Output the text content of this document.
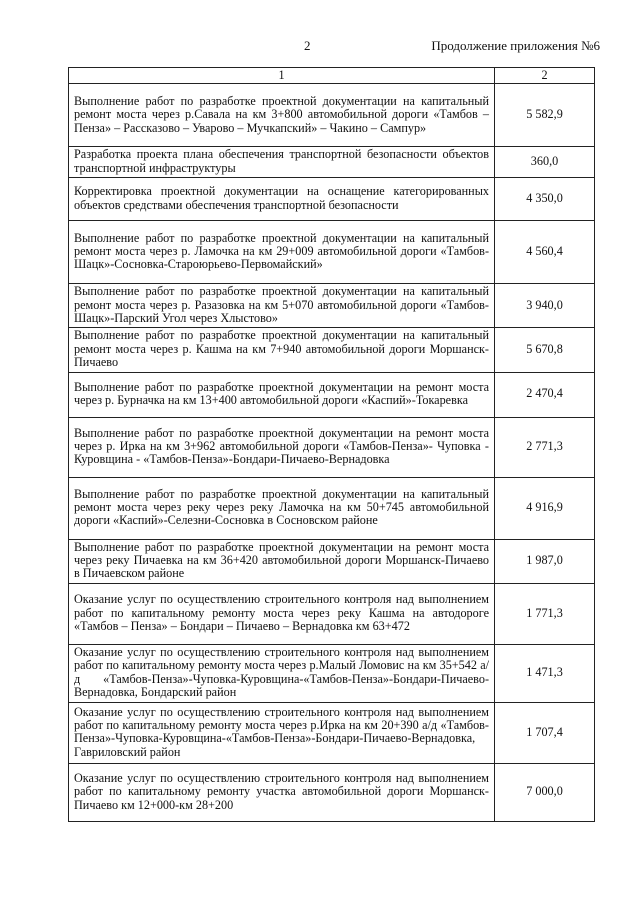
2	Продолжение приложения №6
1	2
Выполнение работ по разработке проектной документации на капитальный ремонт моста через р.Савала на км 3+800 автомобильной дороги «Тамбов – Пенза» – Рассказово – Уварово – Мучкапский» – Чакино – Сампур»	5 582,9
Разработка проекта плана обеспечения транспортной безопасности объектов транспортной инфраструктуры	360,0
Корректировка проектной документации на оснащение категорированных объектов средствами обеспечения транспортной безопасности	4 350,0
Выполнение работ по разработке проектной документации на капитальный ремонт моста через р. Ламочка на км 29+009 автомобильной дороги «Тамбов-Шацк»-Сосновка-Староюрьево-Первомайский»	4 560,4
Выполнение работ по разработке проектной документации на капитальный ремонт моста через р. Разазовка на км 5+070 автомобильной дороги «Тамбов-Шацк»-Парский Угол через Хлыстово»	3 940,0
Выполнение работ по разработке проектной документации на капитальный ремонт моста через р. Кашма на км 7+940 автомобильной дороги Моршанск-Пичаево	5 670,8
Выполнение работ по разработке проектной документации на ремонт моста через р. Бурначка на км 13+400 автомобильной дороги «Каспий»-Токаревка	2 470,4
Выполнение работ по разработке проектной документации на ремонт моста через р. Ирка на км 3+962 автомобильной дороги «Тамбов-Пенза»- Чуповка - Куровщина - «Тамбов-Пенза»-Бондари-Пичаево-Вернадовка	2 771,3
Выполнение работ по разработке проектной документации на капитальный ремонт моста через реку через реку Ламочка на км 50+745 автомобильной дороги «Каспий»-Селезни-Сосновка в Сосновском районе	4 916,9
Выполнение работ по разработке проектной документации на ремонт моста через реку Пичаевка на км 36+420 автомобильной дороги Моршанск-Пичаево в Пичаевском районе	1 987,0
Оказание услуг по осуществлению строительного контроля над выполнением работ по капитальному ремонту моста через реку Кашма на автодороге «Тамбов – Пенза» – Бондари – Пичаево – Вернадовка км 63+472	1 771,3
Оказание услуг по осуществлению строительного контроля над выполнением работ по капитальному ремонту моста через р.Малый Ломовис на км 35+542 а/д «Тамбов-Пенза»-Чуповка-Куровщина-«Тамбов-Пенза»-Бондари-Пичаево-Вернадовка, Бондарский район	1 471,3
Оказание услуг по осуществлению строительного контроля над выполнением работ по капитальному ремонту моста через р.Ирка на км 20+390 а/д «Тамбов-Пенза»-Чуповка-Куровщина-«Тамбов-Пенза»-Бондари-Пичаево-Вернадовка, Гавриловский район	1 707,4
Оказание услуг по осуществлению строительного контроля над выполнением работ по капитальному ремонту участка автомобильной дороги Моршанск-Пичаево км 12+000-км 28+200	7 000,0
